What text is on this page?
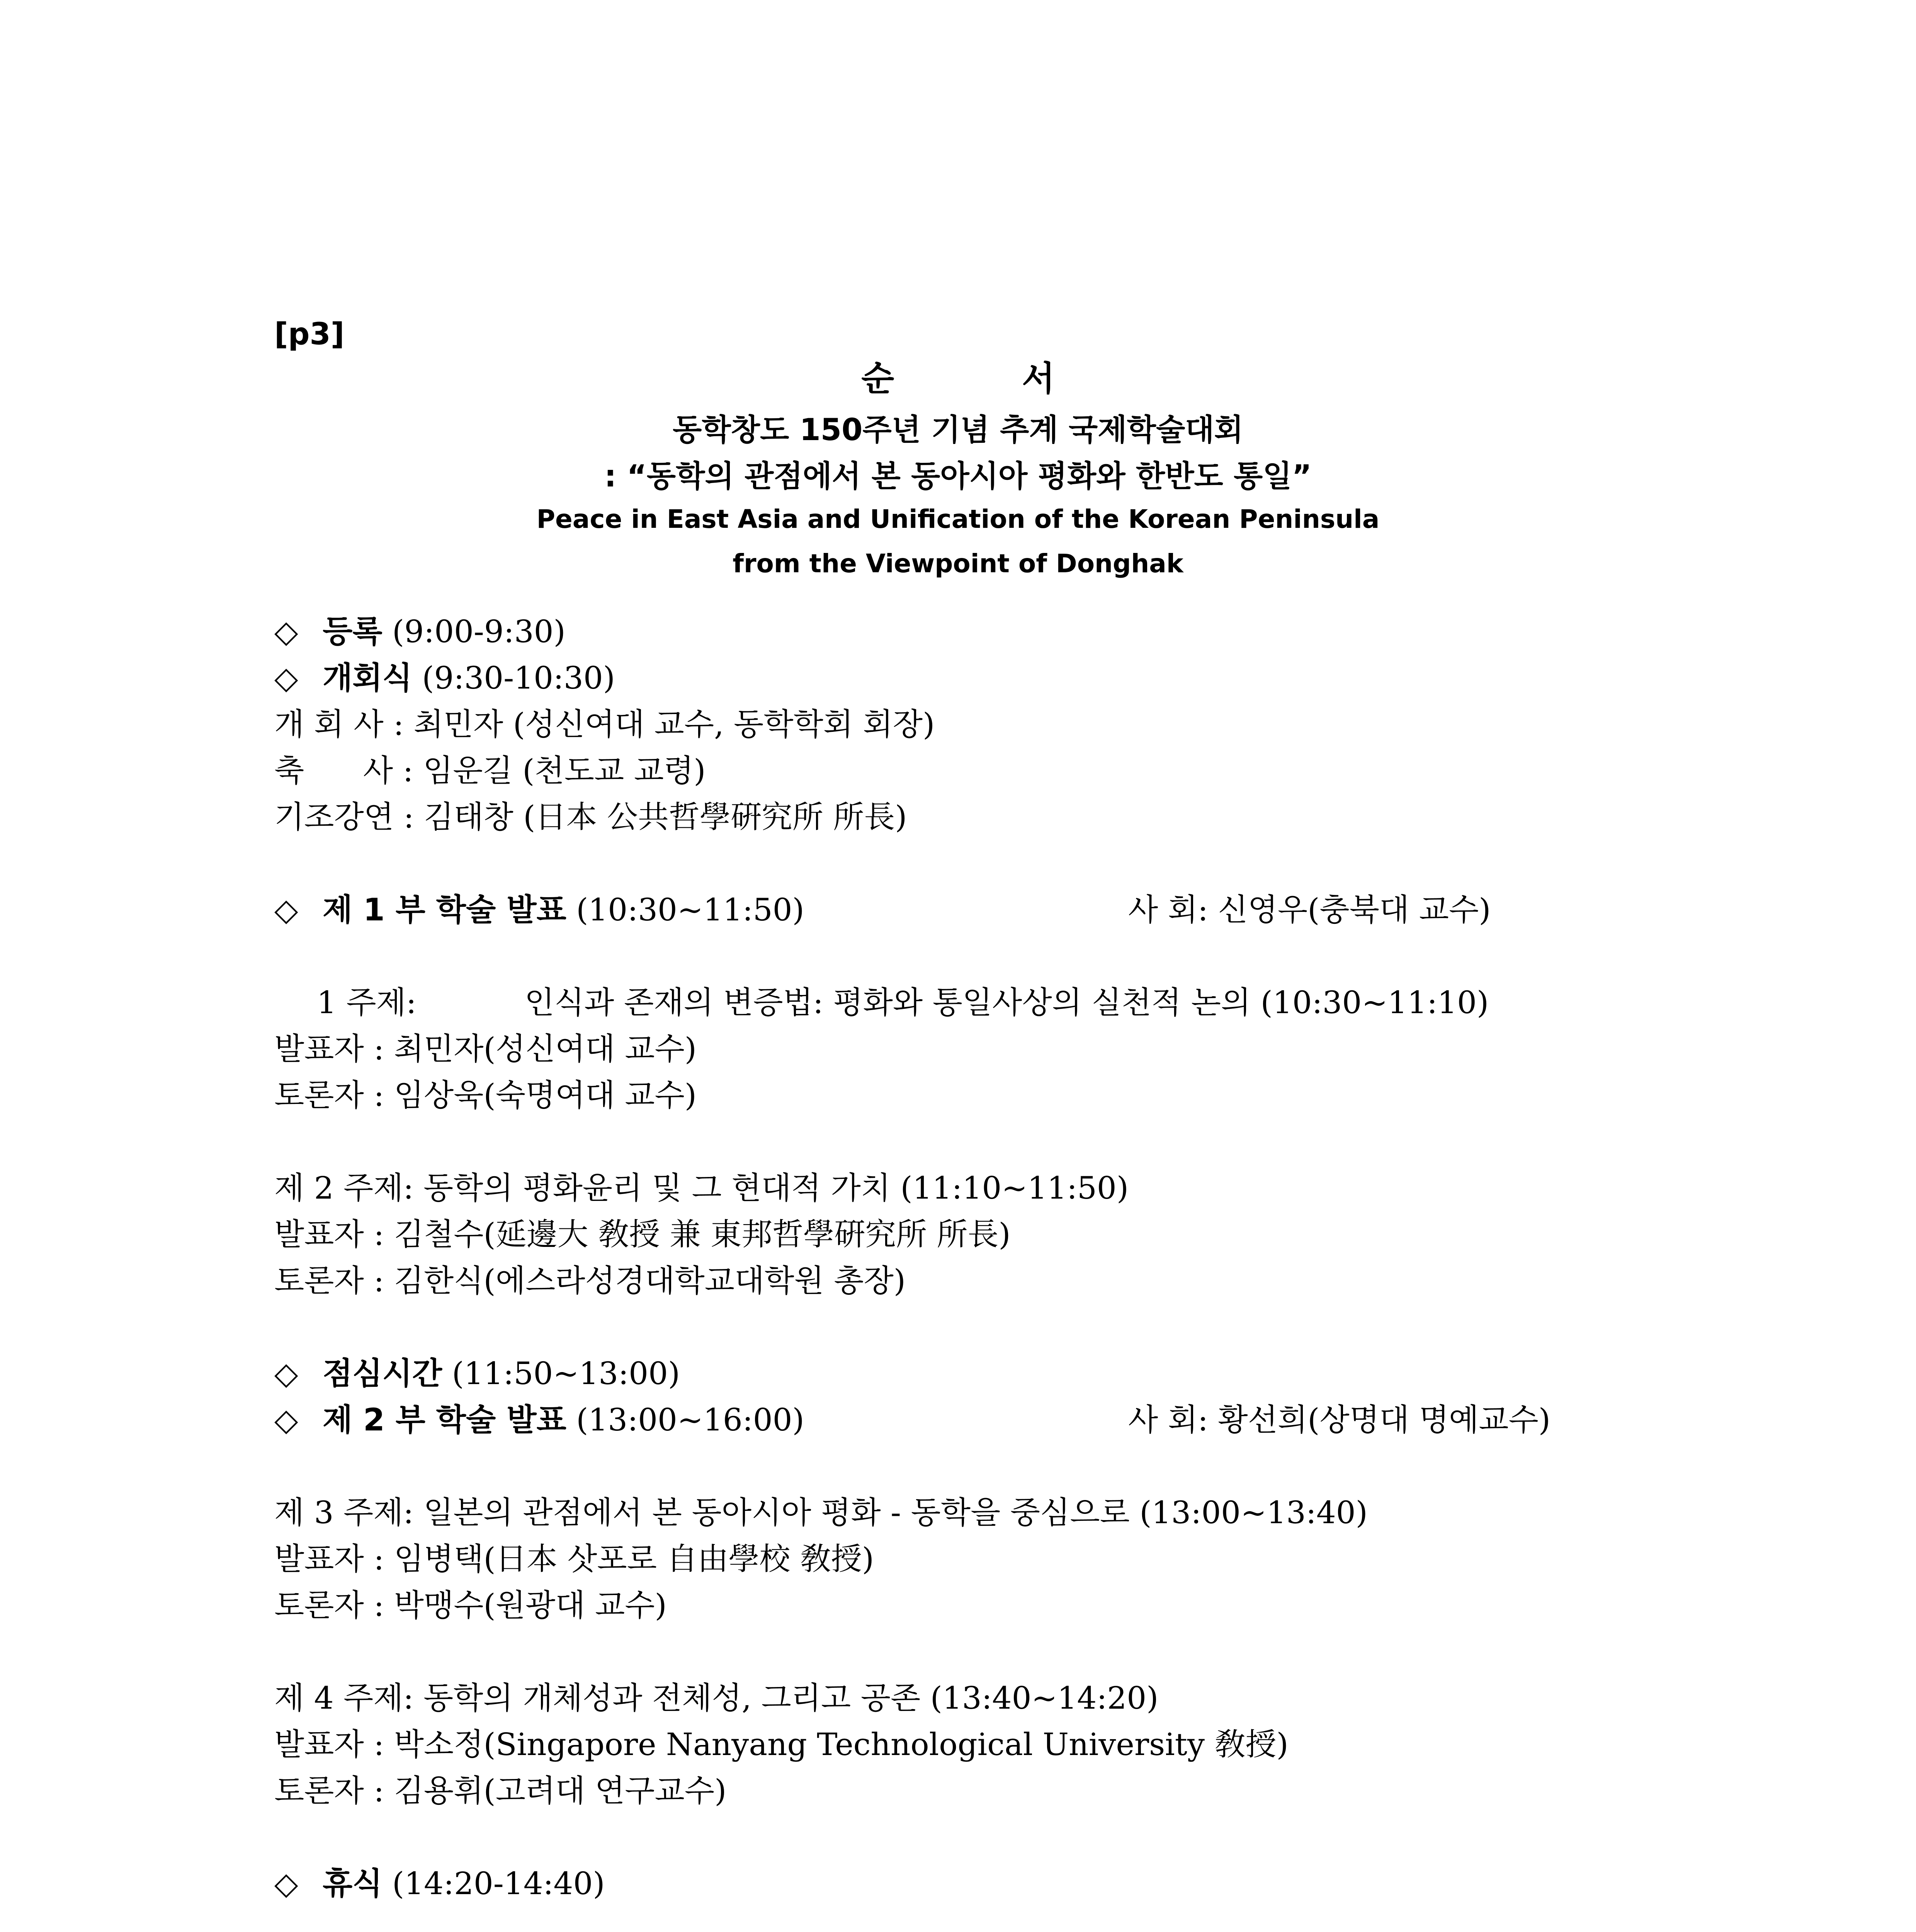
[p3]
순 서
동학창도 150주년 기념 추계 국제학술대회
: “동학의 관점에서 본 동아시아 평화와 한반도 통일”
Peace in East Asia and Unification of the Korean Peninsula
from the Viewpoint of Donghak
◇ 등록 (9:00-9:30)
◇ 개회식 (9:30-10:30)
개 회 사 : 최민자 (성신여대 교수, 동학학회 회장)
축      사 : 임운길 (천도교 교령)
기조강연 : 김태창 (日本 公共哲學硏究所 所長)
◇ 제 1 부 학술 발표 (10:30~11:50)	사 회: 신영우(충북대 교수)
1 주제:           인식과 존재의 변증법: 평화와 통일사상의 실천적 논의 (10:30~11:10)
발표자 : 최민자(성신여대 교수)
토론자 : 임상욱(숙명여대 교수)
제 2 주제: 동학의 평화윤리 및 그 현대적 가치 (11:10~11:50)
발표자 : 김철수(延邊大 敎授 兼 東邦哲學硏究所 所長)
토론자 : 김한식(에스라성경대학교대학원 총장)
◇ 점심시간 (11:50~13:00)
◇ 제 2 부 학술 발표 (13:00~16:00)	사 회: 황선희(상명대 명예교수)
제 3 주제: 일본의 관점에서 본 동아시아 평화 - 동학을 중심으로 (13:00~13:40)
발표자 : 임병택(日本 삿포로 自由學校 敎授)
토론자 : 박맹수(원광대 교수)
제 4 주제: 동학의 개체성과 전체성, 그리고 공존 (13:40~14:20)
발표자 : 박소정(Singapore Nanyang Technological University 敎授)
토론자 : 김용휘(고려대 연구교수)
◇ 휴식 (14:20-14:40)
